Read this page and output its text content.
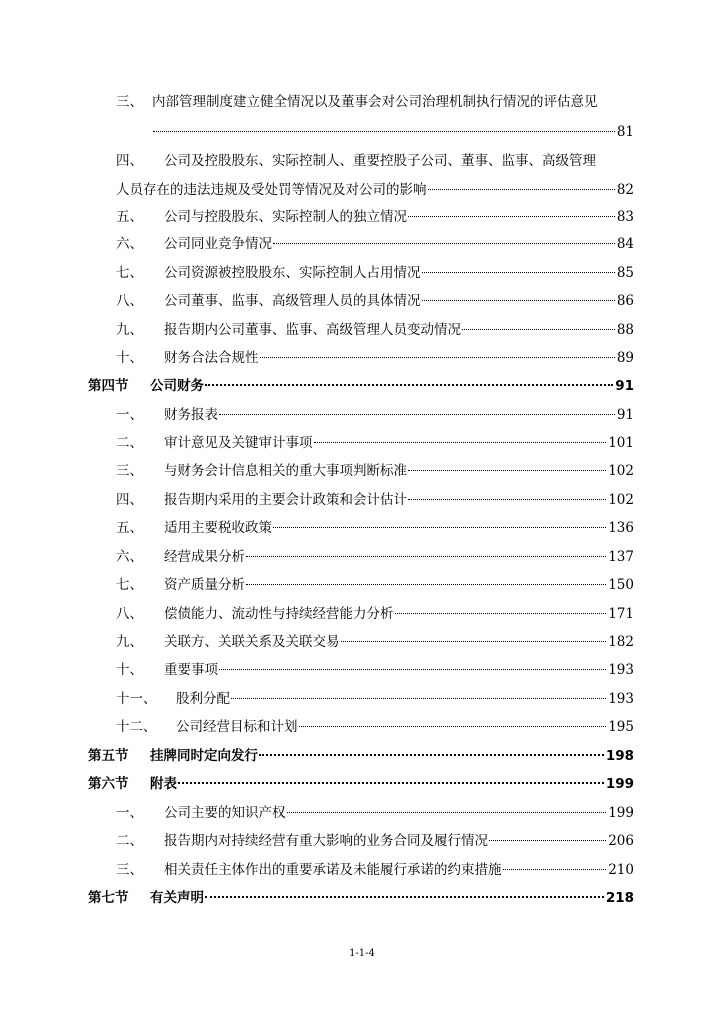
三、 内部管理制度建立健全情况以及董事会对公司治理机制执行情况的评估意见
81
四、 公司及控股股东、实际控制人、重要控股子公司、董事、监事、高级管理
人员存在的违法违规及受处罚等情况及对公司的影响	82
五、	公司与控股股东、实际控制人的独立情况	83
六、	公司同业竞争情况	84
七、	公司资源被控股股东、实际控制人占用情况	85
八、	公司董事、监事、高级管理人员的具体情况	86
九、	报告期内公司董事、监事、高级管理人员变动情况	88
十、	财务合法合规性	89
第四节	公司财务	91
一、	财务报表	91
二、	审计意见及关键审计事项	101
三、	与财务会计信息相关的重大事项判断标准	102
四、	报告期内采用的主要会计政策和会计估计	102
五、	适用主要税收政策	136
六、	经营成果分析	137
七、	资产质量分析	150
八、	偿债能力、流动性与持续经营能力分析	171
九、	关联方、关联关系及关联交易	182
十、	重要事项	193
十一、	股利分配	193
十二、	公司经营目标和计划	195
第五节	挂牌同时定向发行	198
第六节	附表	199
一、	公司主要的知识产权	199
二、	报告期内对持续经营有重大影响的业务合同及履行情况	206
三、	相关责任主体作出的重要承诺及未能履行承诺的约束措施	210
第七节	有关声明	218
1-1-4
